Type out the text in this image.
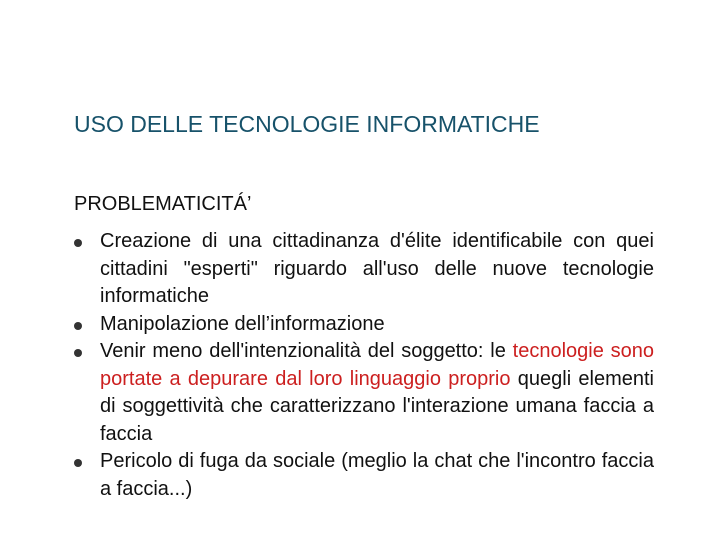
USO DELLE TECNOLOGIE INFORMATICHE
PROBLEMATICITÁ’
Creazione di una cittadinanza d'élite identificabile con quei cittadini "esperti" riguardo all'uso delle nuove tecnologie informatiche
Manipolazione dell’informazione
Venir meno dell'intenzionalità del soggetto: le tecnologie sono portate a depurare dal loro linguaggio proprio quegli elementi di soggettività che caratterizzano l'interazione umana faccia a faccia
Pericolo di fuga da sociale (meglio la chat che l'incontro faccia a faccia...)
